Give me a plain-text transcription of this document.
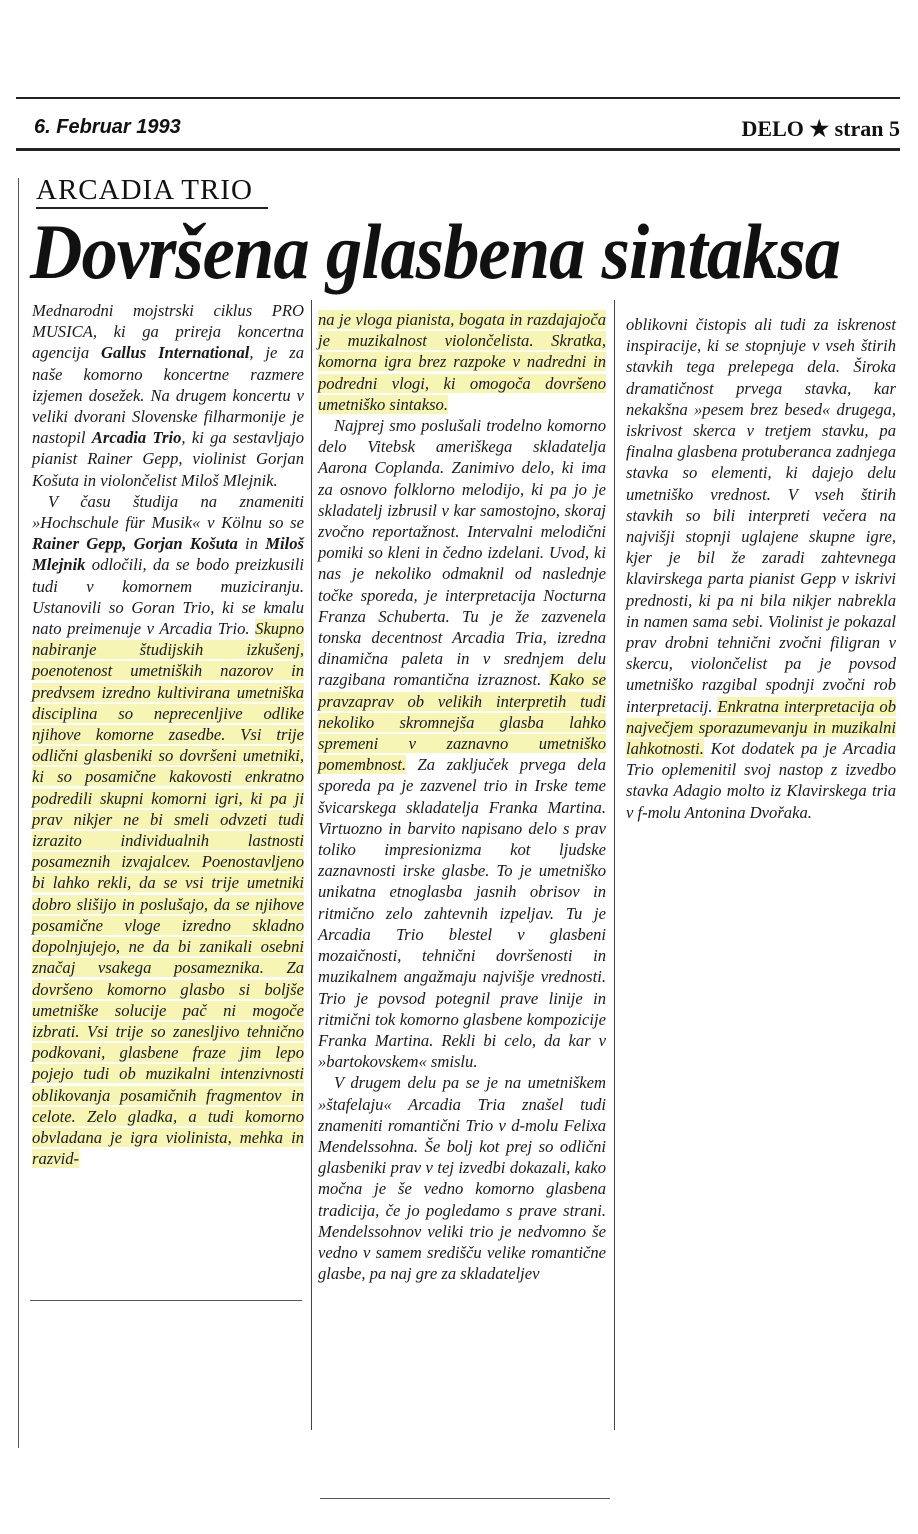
6. Februar 1993	DELO ★ stran 5
ARCADIA TRIO
Dovršena glasbena sintaksa

Mednarodni mojstrski ciklus PRO MUSICA, ki ga prireja koncertna agencija Gallus International, je za naše komorno koncertne razmere izjemen dosežek. Na drugem koncertu v veliki dvorani Slovenske filharmonije je nastopil Arcadia Trio, ki ga sestavljajo pianist Rainer Gepp, violinist Gorjan Košuta in violončelist Miloš Mlejnik.

V času študija na znameniti »Hochschule für Musik« v Kölnu so se Rainer Gepp, Gorjan Košuta in Miloš Mlejnik odločili, da se bodo preizkusili tudi v komornem muziciranju. Ustanovili so Goran Trio, ki se kmalu nato preimenuje v Arcadia Trio. Skupno nabiranje študijskih izkušenj, poenotenost umetniških nazorov in predvsem izredno kultivirana umetniška disciplina so neprecenljive odlike njihove komorne zasedbe. Vsi trije odlični glasbeniki so dovršeni umetniki, ki so posamične kakovosti enkratno podredili skupni komorni igri, ki pa ji prav nikjer ne bi smeli odvzeti tudi izrazito individualnih lastnosti posameznih izvajalcev. Poenostavljeno bi lahko rekli, da se vsi trije umetniki dobro slišijo in poslušajo, da se njihove posamične vloge izredno skladno dopolnjujejo, ne da bi zanikali osebni značaj vsakega posameznika. Za dovršeno komorno glasbo si boljše umetniške solucije pač ni mogoče izbrati. Vsi trije so zanesljivo tehnično podkovani, glasbene fraze jim lepo pojejo tudi ob muzikalni intenzivnosti oblikovanja posamičnih fragmentov in celote. Zelo gladka, a tudi komorno obvladana je igra violinista, mehka in razvid-

na je vloga pianista, bogata in razdajajoča je muzikalnost violončelista. Skratka, komorna igra brez razpoke v nadredni in podredni vlogi, ki omogoča dovršeno umetniško sintakso.

Najprej smo poslušali trodelno komorno delo Vitebsk ameriškega skladatelja Aarona Coplanda. Zanimivo delo, ki ima za osnovo folklorno melodijo, ki pa jo je skladatelj izbrusil v kar samostojno, skoraj zvočno reportažnost. Intervalni melodični pomiki so kleni in čedno izdelani. Uvod, ki nas je nekoliko odmaknil od naslednje točke sporeda, je interpretacija Nocturna Franza Schuberta. Tu je že zazvenela tonska decentnost Arcadia Tria, izredna dinamična paleta in v srednjem delu razgibana romantična izraznost. Kako se pravzaprav ob velikih interpretih tudi nekoliko skromnejša glasba lahko spremeni v zaznavno umetniško pomembnost. Za zaključek prvega dela sporeda pa je zazvenel trio in Irske teme švicarskega skladatelja Franka Martina. Virtuozno in barvito napisano delo s prav toliko impresionizma kot ljudske zaznavnosti irske glasbe. To je umetniško unikatna etnoglasba jasnih obrisov in ritmično zelo zahtevnih izpeljav. Tu je Arcadia Trio blestel v glasbeni mozaičnosti, tehnični dovršenosti in muzikalnem angažmaju najvišje vrednosti. Trio je povsod potegnil prave linije in ritmični tok komorno glasbene kompozicije Franka Martina. Rekli bi celo, da kar v »bartokovskem« smislu.

V drugem delu pa se je na umetniškem »štafelaju« Arcadia Tria znašel tudi znameniti romantični Trio v d-molu Felixa Mendelssohna. Še bolj kot prej so odlični glasbeniki prav v tej izvedbi dokazali, kako močna je še vedno komorno glasbena tradicija, če jo pogledamo s prave strani. Mendelssohnov veliki trio je nedvomno še vedno v samem središču velike romantične glasbe, pa naj gre za skladateljev

oblikovni čistopis ali tudi za iskrenost inspiracije, ki se stopnjuje v vseh štirih stavkih tega prelepega dela. Široka dramatičnost prvega stavka, kar nekakšna »pesem brez besed« drugega, iskrivost skerca v tretjem stavku, pa finalna glasbena protuberanca zadnjega stavka so elementi, ki dajejo delu umetniško vrednost. V vseh štirih stavkih so bili interpreti večera na najvišji stopnji uglajene skupne igre, kjer je bil že zaradi zahtevnega klavirskega parta pianist Gepp v iskrivi prednosti, ki pa ni bila nikjer nabrekla in namen sama sebi. Violinist je pokazal prav drobni tehnični zvočni filigran v skercu, violončelist pa je povsod umetniško razgibal spodnji zvočni rob interpretacij. Enkratna interpretacija ob največjem sporazumevanju in muzikalni lahkotnosti. Kot dodatek pa je Arcadia Trio oplemenitil svoj nastop z izvedbo stavka Adagio molto iz Klavirskega tria v f-molu Antonina Dvořaka.
